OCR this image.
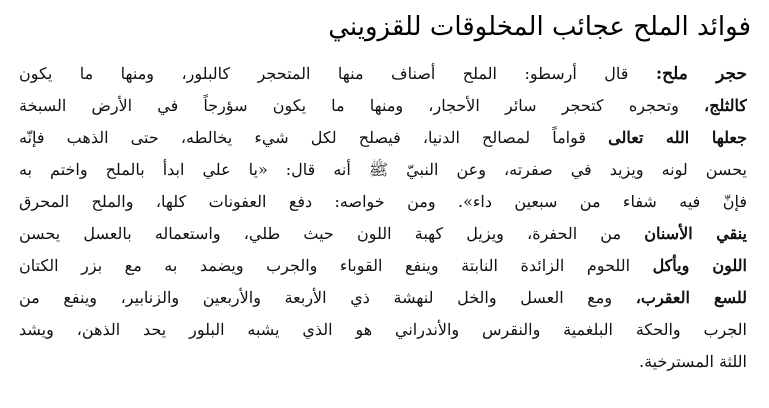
فوائد الملح عجائب المخلوقات للقزويني
حجر ملح: قال أرسطو: الملح أصناف منها المتحجر كالبلور، ومنها ما يكون
كالثلج، وتحجره كتحجر سائر الأحجار، ومنها ما يكون سؤرجاً في الأرض السبخة
جعلها الله تعالى قواماً لمصالح الدنيا، فيصلح لكل شيء يخالطه، حتى الذهب فإنّه
يحسن لونه ويزيد في صفرته، وعن النبيّ ﷺ أنه قال: «يا علي ابدأ بالملح واختم به
فإنّ فيه شفاء من سبعين داء». ومن خواصه: دفع العفونات كلها، والملح المحرق
ينقي الأسنان من الحفرة، ويزيل كهبة اللون حيث طلي، واستعماله بالعسل يحسن
اللون ويأكل اللحوم الزائدة النابتة وينفع القوباء والجرب ويضمد به مع بزر الكتان
للسع العقرب، ومع العسل والخل لنهشة ذي الأربعة والأربعين والزنابير، وينفع من
الجرب والحكة البلغمية والنقرس والأندراني هو الذي يشبه البلور يحد الذهن، ويشد
اللثة المسترخية.
